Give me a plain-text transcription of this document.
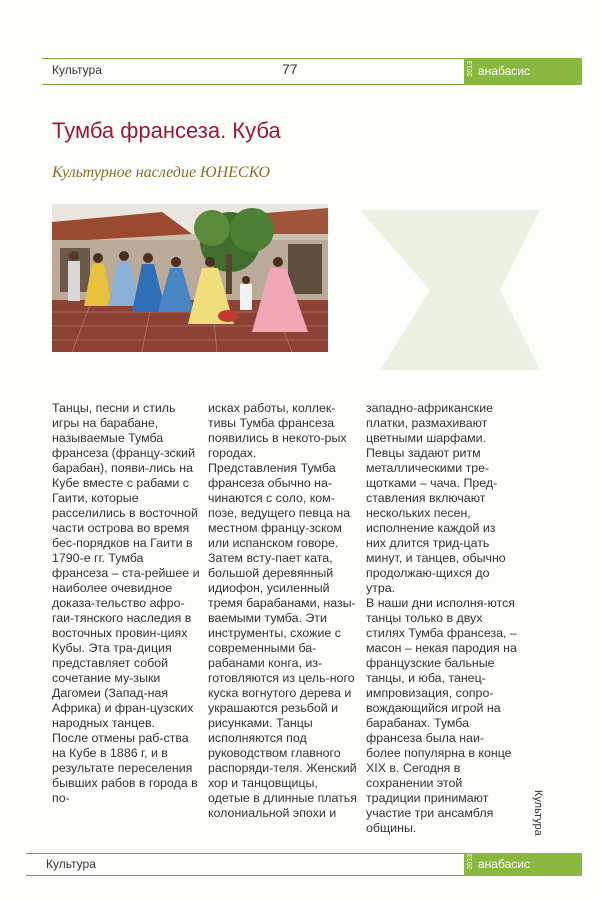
Культура	77	2013 анабасис
Тумба франсеза. Куба
Культурное наследие ЮНЕСКО

Танцы, песни и стиль игры на барабане, называемые Тумба франсеза (францу-зский барабан), появи-лись на Кубе вместе с рабами с Гаити, которые расселились в восточной части острова во время бес-порядков на Гаити в 1790-е гг. Тумба франсеза – ста-рейшее и наиболее очевидное доказа-тельство афро-гаи-тянского наследия в восточных провин-циях Кубы. Эта тра-диция представляет собой сочетание му-зыки Дагомеи (Запад-ная Африка) и фран-цузских народных танцев.

После отмены раб-ства на Кубе в 1886 г, и в результате переселения бывших рабов в города в по-

исках работы, коллек-тивы Тумба франсеза появились в некото-рых городах.

Представления Тумба франсеза обычно на-чинаются с соло, ком-позе, ведущего певца на местном францу-зском или испанском говоре. Затем всту-пает ката, большой деревянный идиофон, усиленный тремя барабанами, назы-ваемыми тумба. Эти инструменты, схожие с современными ба-рабанами конга, из-готовляются из цель-ного куска вогнутого дерева и украшаются резьбой и рисунками. Танцы исполняются под руководством главного распоряди-теля. Женский хор и танцовщицы, одетые в длинные платья колониальной эпохи и

западно-африканские платки, размахивают цветными шарфами. Певцы задают ритм металлическими тре-щотками – чача. Пред-ставления включают нескольких песен, исполнение каждой из них длится трид-цать минут, и танцев, обычно продолжаю-щихся до утра.

В наши дни исполня-ются танцы только в двух стилях Тумба франсеза, – масон – некая пародия на французские бальные танцы, и юба, танец-импровизация, сопро-вождающийся игрой на барабанах. Тумба франсеза была наи-более популярна в конце XIX в. Сегодня в сохранении этой традиции принимают участие три ансамбля общины.	Культура
Культура	2013 анабасис
